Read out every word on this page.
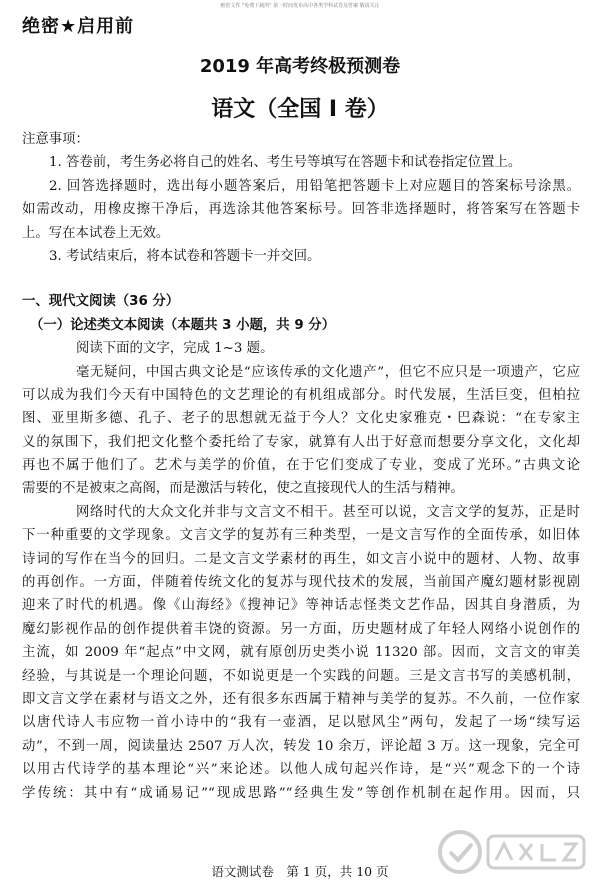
絶密文件 "免费下载所" 第一时间发布高中各类学科试卷及答案 敬请关注
绝密★启用前
2019 年高考终极预测卷
语文（全国 I 卷）
注意事项：
1. 答卷前，考生务必将自己的姓名、考生号等填写在答题卡和试卷指定位置上。
2. 回答选择题时，选出每小题答案后，用铅笔把答题卡上对应题目的答案标号涂黑。
如需改动，用橡皮擦干净后，再选涂其他答案标号。回答非选择题时，将答案写在答题卡
上。写在本试卷上无效。
3. 考试结束后，将本试卷和答题卡一并交回。
一、现代文阅读（36 分）
（一）论述类文本阅读（本题共 3 小题，共 9 分）
阅读下面的文字，完成 1~3 题。
毫无疑问，中国古典文论是“应该传承的文化遗产”，但它不应只是一项遗产，它应
可以成为我们今天有中国特色的文艺理论的有机组成部分。时代发展，生活巨变，但柏拉
图、亚里斯多德、孔子、老子的思想就无益于今人？文化史家雅克・巴森说：“在专家主
义的氛围下，我们把文化整个委托给了专家，就算有人出于好意而想要分享文化，文化却
再也不属于他们了。艺术与美学的价值，在于它们变成了专业，变成了光环。”古典文论
需要的不是被束之高阁，而是激活与转化，使之直接现代人的生活与精神。
网络时代的大众文化并非与文言文不相干。甚至可以说，文言文学的复苏，正是时
下一种重要的文学现象。文言文学的复苏有三种类型，一是文言写作的全面传承，如旧体
诗词的写作在当今的回归。二是文言文学素材的再生，如文言小说中的题材、人物、故事
的再创作。一方面，伴随着传统文化的复苏与现代技术的发展，当前国产魔幻题材影视剧
迎来了时代的机遇。像《山海经》《搜神记》等神话志怪类文艺作品，因其自身潜质，为
魔幻影视作品的创作提供着丰饶的资源。另一方面，历史题材成了年轻人网络小说创作的
主流，如 2009 年“起点”中文网，就有原创历史类小说 11320 部。因而，文言文的审美
经验，与其说是一个理论问题，不如说更是一个实践的问题。三是文言书写的美感机制，
即文言文学在素材与语文之外，还有很多东西属于精神与美学的复苏。不久前，一位作家
以唐代诗人韦应物一首小诗中的“我有一壶酒，足以慰风尘”两句，发起了一场“续写运
动”，不到一周，阅读量达 2507 万人次，转发 10 余万，评论超 3 万。这一现象，完全可
以用古代诗学的基本理论“兴”来论述。以他人成句起兴作诗，是“兴”观念下的一个诗
学传统：其中有“成诵易记”“现成思路”“经典生发”等创作机制在起作用。因而，只
语文测试卷　第 1 页，共 10 页
